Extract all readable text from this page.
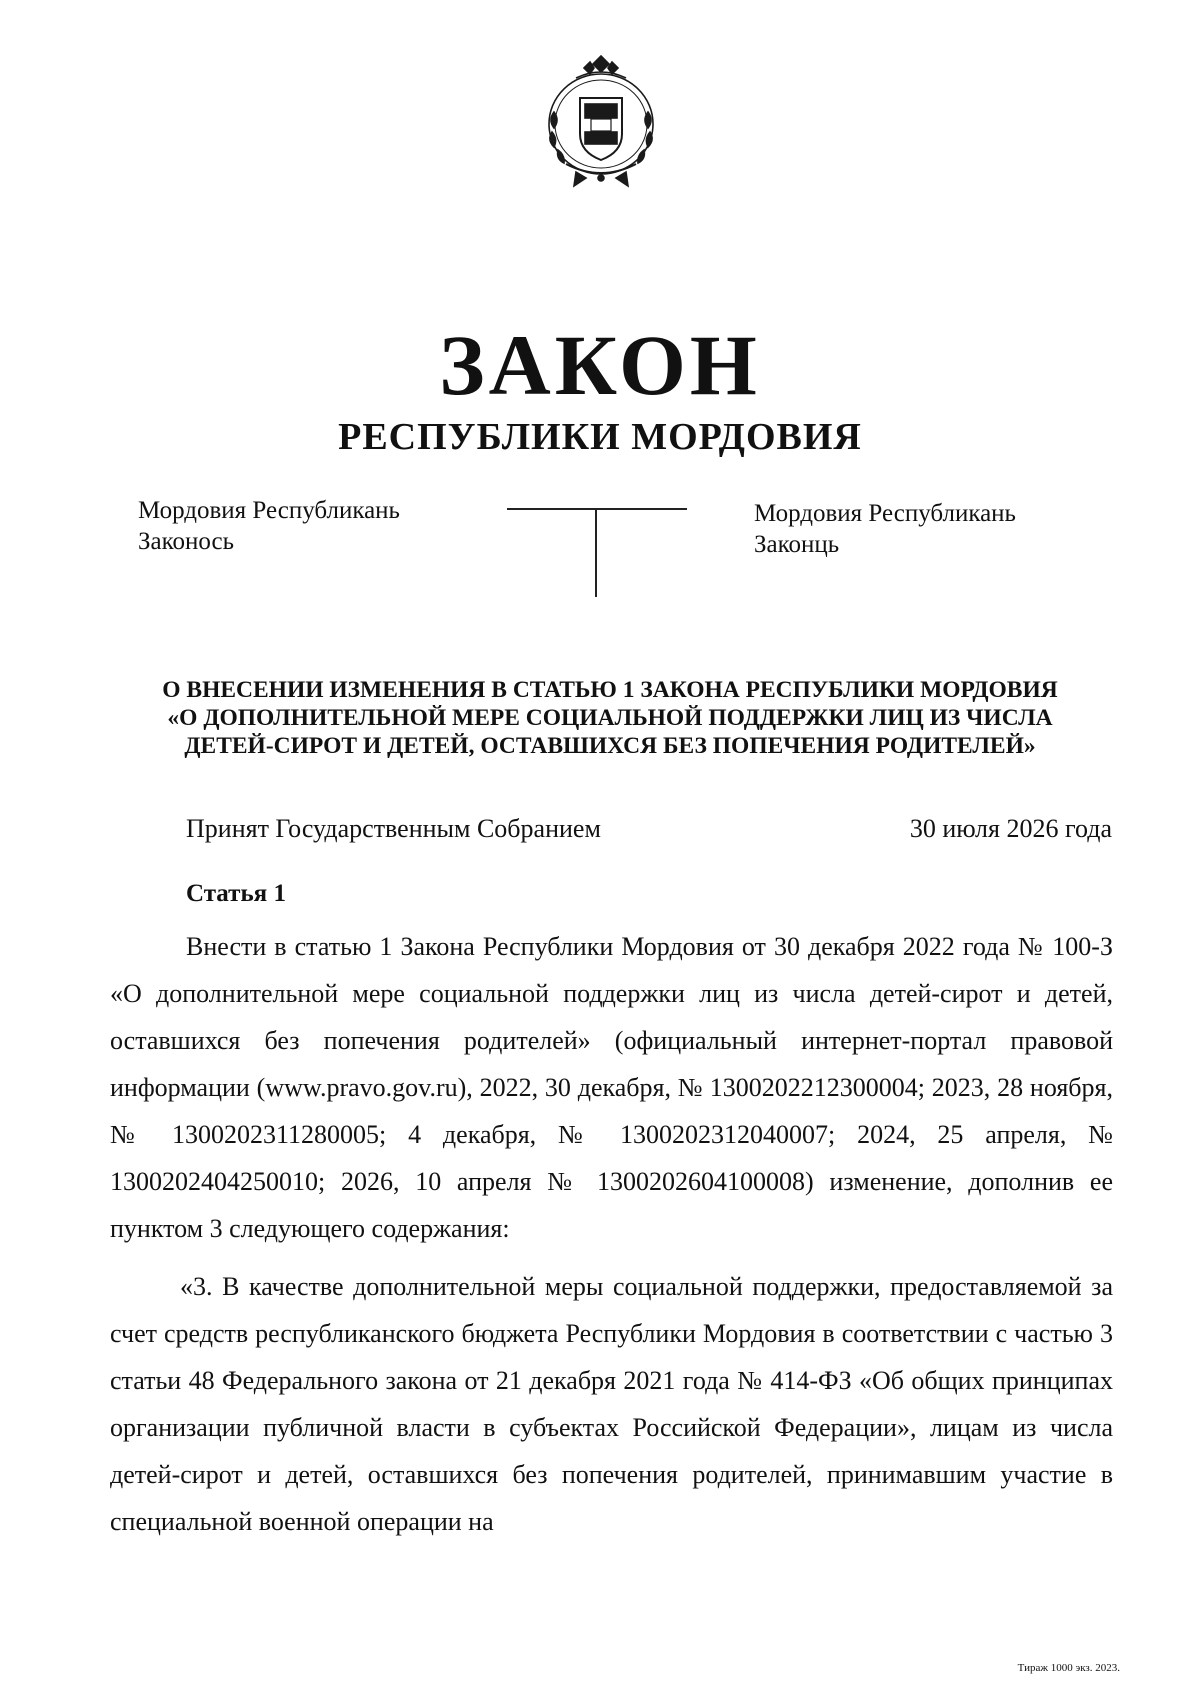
ЗАКОН
РЕСПУБЛИКИ МОРДОВИЯ
Мордовия Республикань
Законось
Мордовия Республикань
Законць
О ВНЕСЕНИИ ИЗМЕНЕНИЯ В СТАТЬЮ 1 ЗАКОНА РЕСПУБЛИКИ МОРДОВИЯ
«О ДОПОЛНИТЕЛЬНОЙ МЕРЕ СОЦИАЛЬНОЙ ПОДДЕРЖКИ ЛИЦ ИЗ ЧИСЛА
ДЕТЕЙ-СИРОТ И ДЕТЕЙ, ОСТАВШИХСЯ БЕЗ ПОПЕЧЕНИЯ РОДИТЕЛЕЙ»
Принят Государственным Собранием	30 июля 2026 года
Статья 1

Внести в статью 1 Закона Республики Мордовия от 30 декабря 2022 года № 100-З «О дополнительной мере социальной поддержки лиц из числа детей-сирот и детей, оставшихся без попечения родителей» (официальный интернет-портал правовой информации (www.pravo.gov.ru), 2022, 30 декабря, № 1300202212300004; 2023, 28 ноября, № 1300202311280005; 4 декабря, № 1300202312040007; 2024, 25 апреля, № 1300202404250010; 2026, 10 апреля № 1300202604100008) изменение, дополнив ее пунктом 3 следующего содержания:

«3. В качестве дополнительной меры социальной поддержки, предоставляемой за счет средств республиканского бюджета Республики Мордовия в соответствии с частью 3 статьи 48 Федерального закона от 21 декабря 2021 года № 414-ФЗ «Об общих принципах организации публичной власти в субъектах Российской Федерации», лицам из числа детей-сирот и детей, оставшихся без попечения родителей, принимавшим участие в специальной военной операции на

Тираж 1000 экз. 2023.
